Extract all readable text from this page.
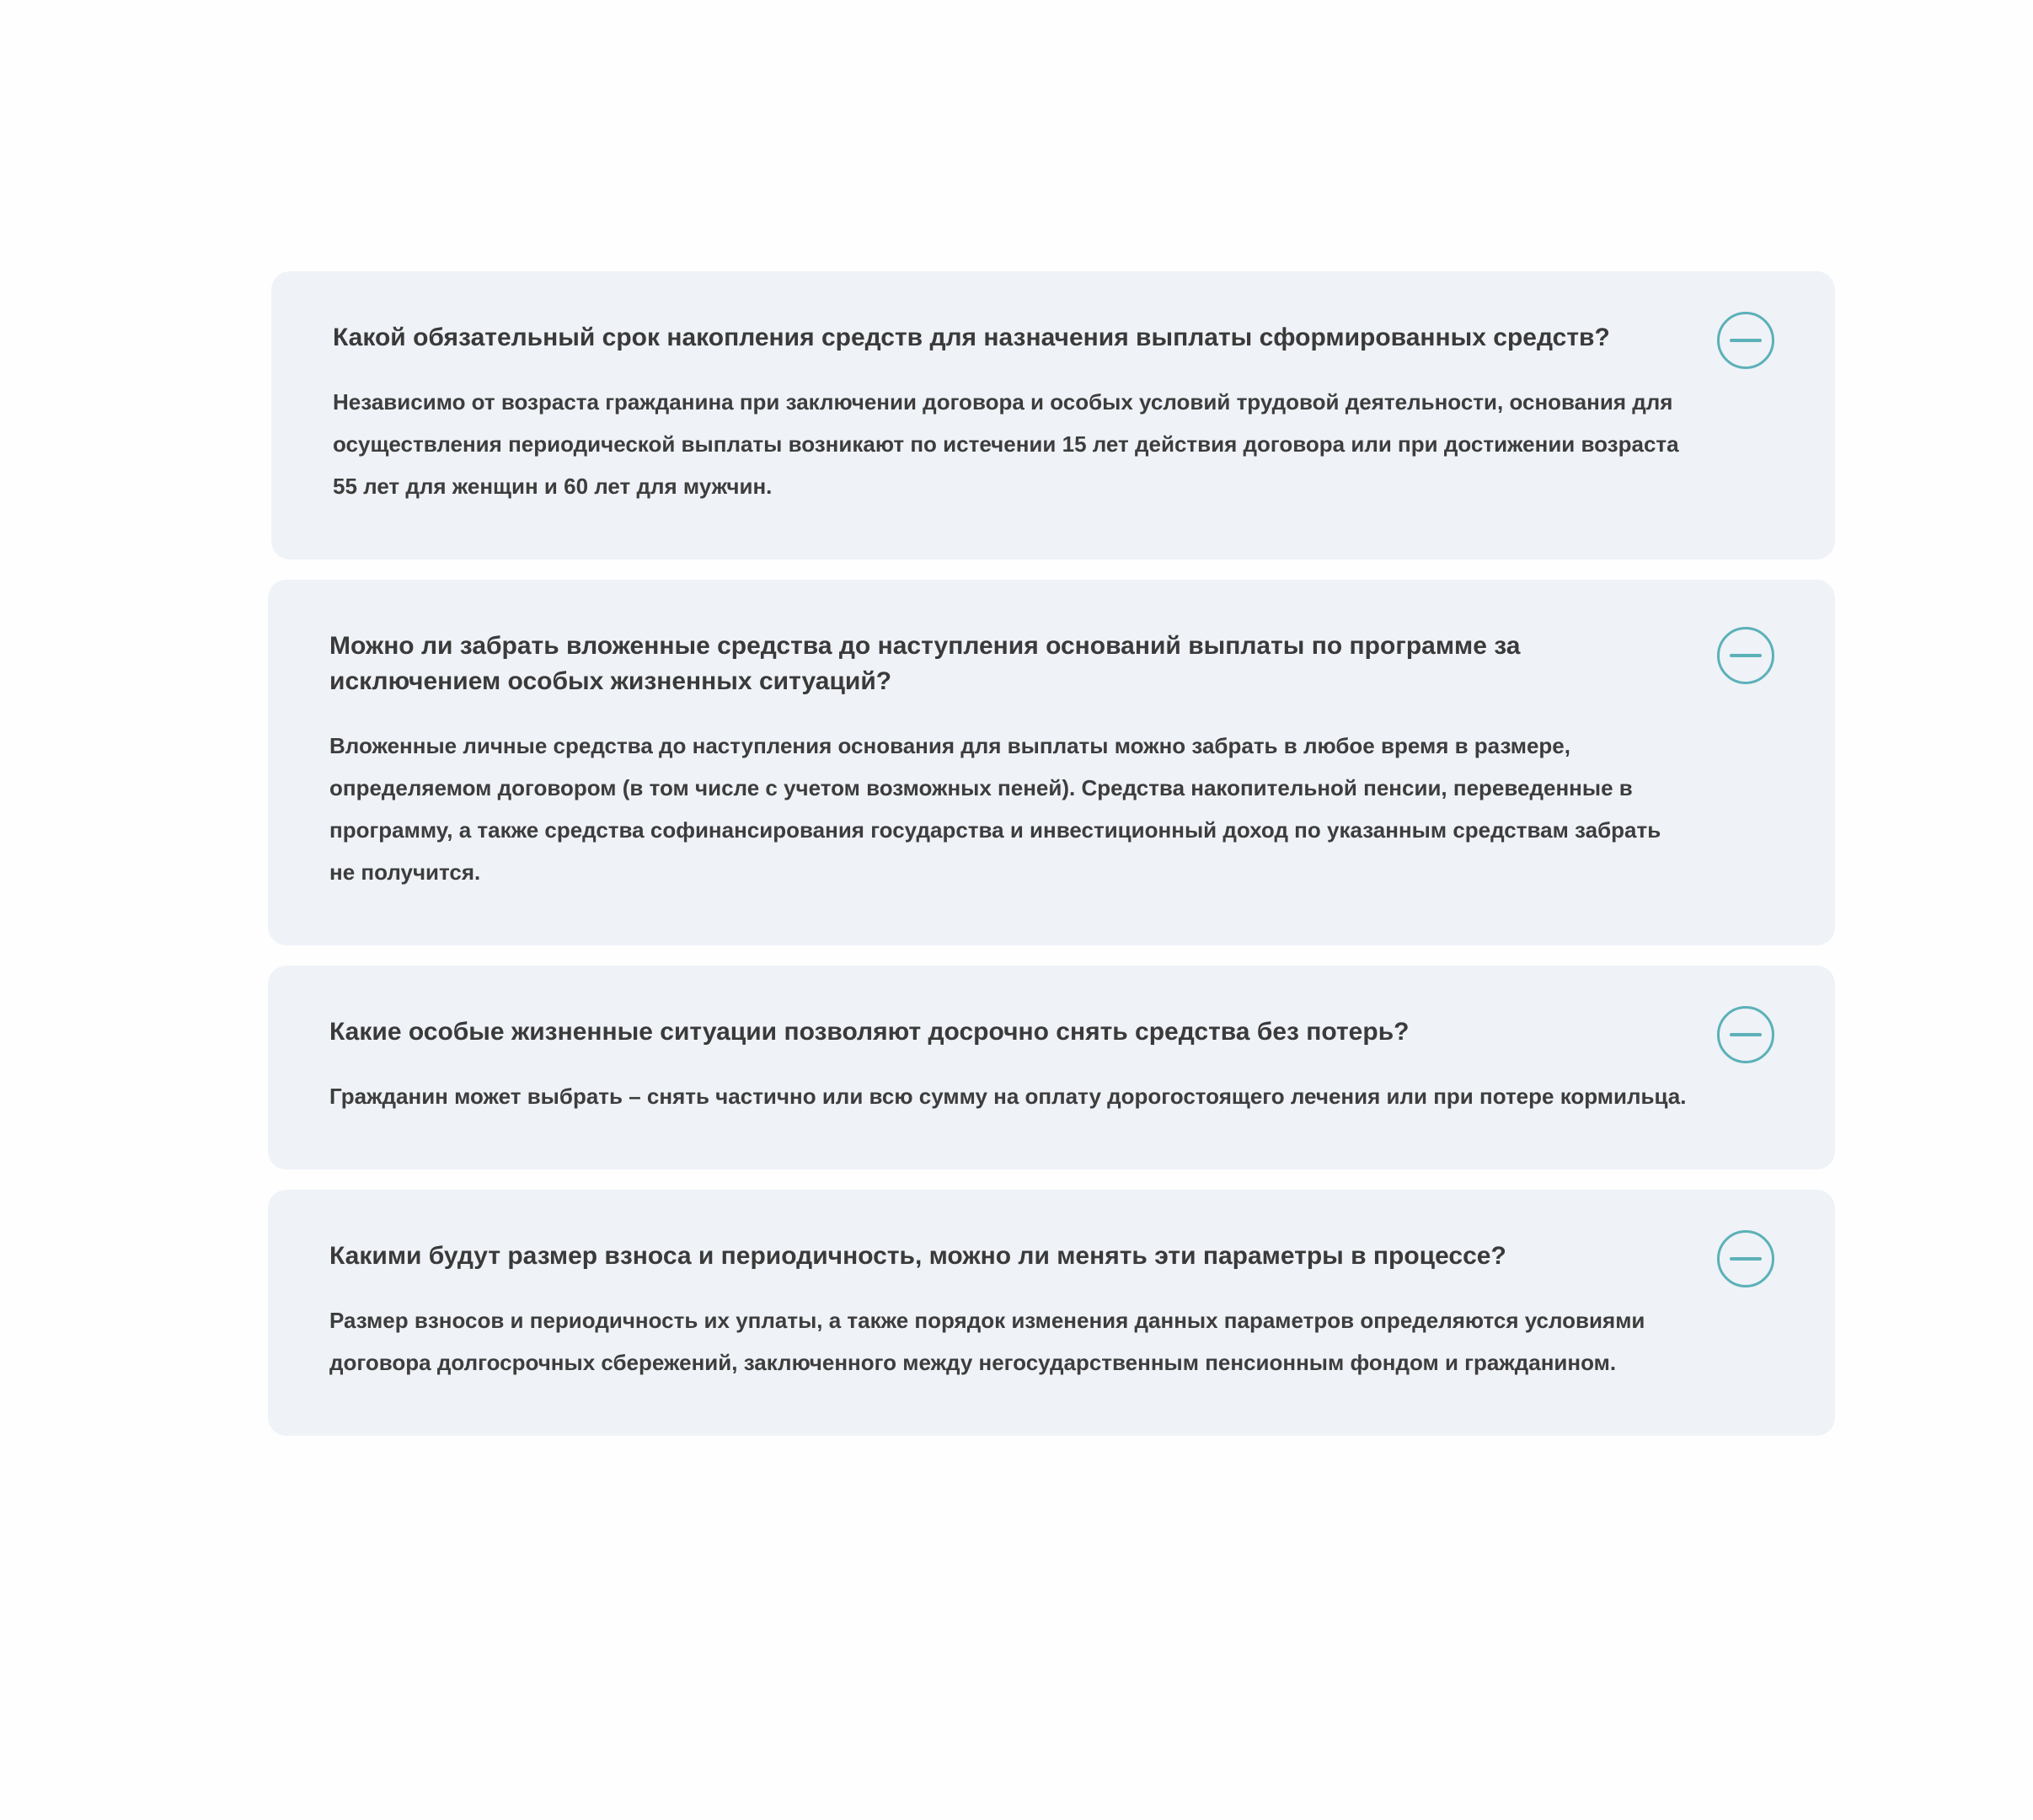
Какой обязательный срок накопления средств для назначения выплаты сформированных средств?

Независимо от возраста гражданина при заключении договора и особых условий трудовой деятельности, основания для осуществления периодической выплаты возникают по истечении 15 лет действия договора или при достижении возраста 55 лет для женщин и 60 лет для мужчин.

Можно ли забрать вложенные средства до наступления оснований выплаты по программе за исключением особых жизненных ситуаций?

Вложенные личные средства до наступления основания для выплаты можно забрать в любое время в размере, определяемом договором (в том числе с учетом возможных пеней). Средства накопительной пенсии, переведенные в программу, а также средства софинансирования государства и инвестиционный доход по указанным средствам забрать не получится.

Какие особые жизненные ситуации позволяют досрочно снять средства без потерь?

Гражданин может выбрать – снять частично или всю сумму на оплату дорогостоящего лечения или при потере кормильца.

Какими будут размер взноса и периодичность, можно ли менять эти параметры в процессе?

Размер взносов и периодичность их уплаты, а также порядок изменения данных параметров определяются условиями договора долгосрочных сбережений, заключенного между негосударственным пенсионным фондом и гражданином.
